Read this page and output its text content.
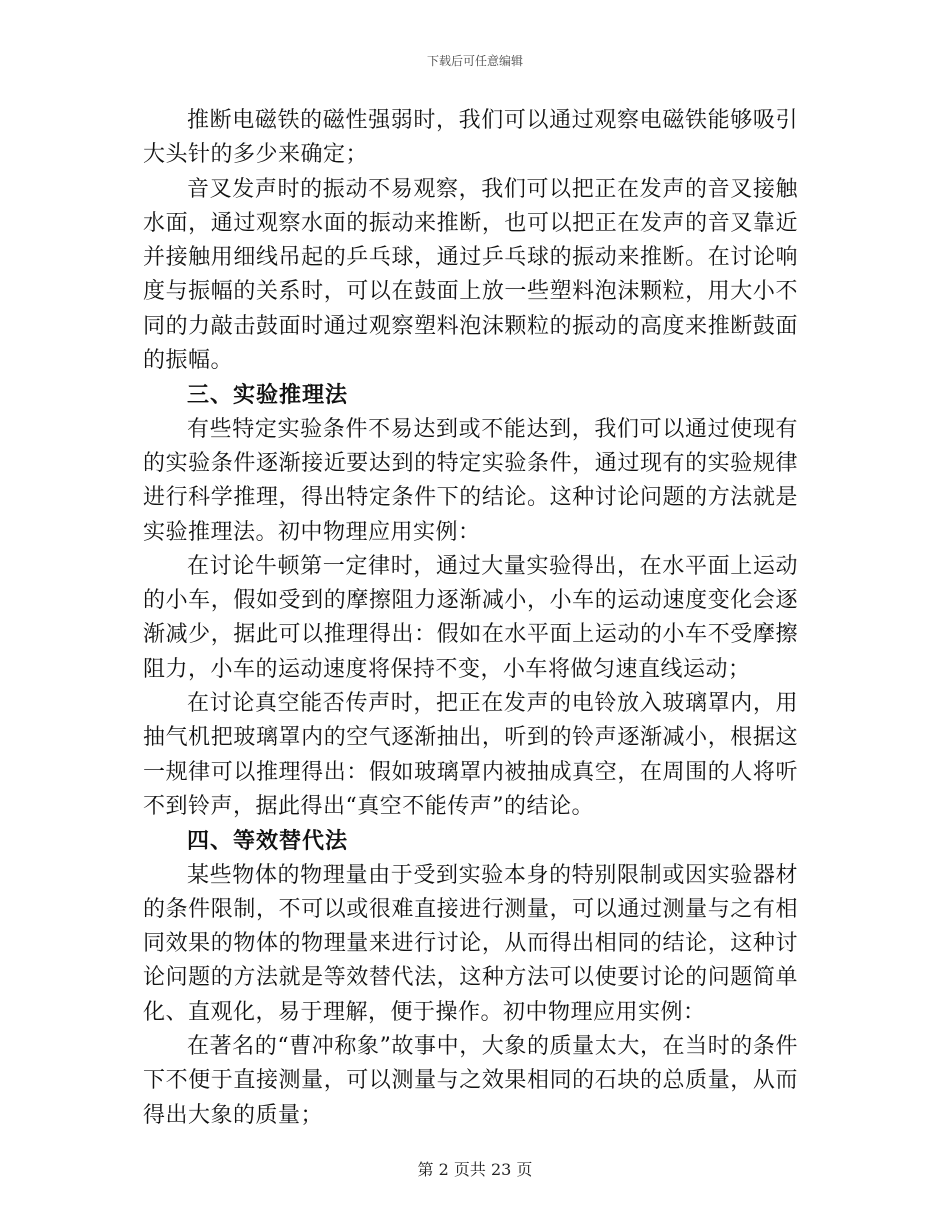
下载后可任意编辑

推断电磁铁的磁性强弱时，我们可以通过观察电磁铁能够吸引大头针的多少来确定；

音叉发声时的振动不易观察，我们可以把正在发声的音叉接触水面，通过观察水面的振动来推断，也可以把正在发声的音叉靠近并接触用细线吊起的乒乓球，通过乒乓球的振动来推断。在讨论响度与振幅的关系时，可以在鼓面上放一些塑料泡沫颗粒，用大小不同的力敲击鼓面时通过观察塑料泡沫颗粒的振动的高度来推断鼓面的振幅。

三、实验推理法

有些特定实验条件不易达到或不能达到，我们可以通过使现有的实验条件逐渐接近要达到的特定实验条件，通过现有的实验规律进行科学推理，得出特定条件下的结论。这种讨论问题的方法就是实验推理法。初中物理应用实例：

在讨论牛顿第一定律时，通过大量实验得出，在水平面上运动的小车，假如受到的摩擦阻力逐渐减小，小车的运动速度变化会逐渐减少，据此可以推理得出：假如在水平面上运动的小车不受摩擦阻力，小车的运动速度将保持不变，小车将做匀速直线运动；

在讨论真空能否传声时，把正在发声的电铃放入玻璃罩内，用抽气机把玻璃罩内的空气逐渐抽出，听到的铃声逐渐减小，根据这一规律可以推理得出：假如玻璃罩内被抽成真空，在周围的人将听不到铃声，据此得出“真空不能传声”的结论。

四、等效替代法

某些物体的物理量由于受到实验本身的特别限制或因实验器材的条件限制，不可以或很难直接进行测量，可以通过测量与之有相同效果的物体的物理量来进行讨论，从而得出相同的结论，这种讨论问题的方法就是等效替代法，这种方法可以使要讨论的问题简单化、直观化，易于理解，便于操作。初中物理应用实例：

在著名的“曹冲称象”故事中，大象的质量太大，在当时的条件下不便于直接测量，可以测量与之效果相同的石块的总质量，从而得出大象的质量；

第 2 页共 23 页
